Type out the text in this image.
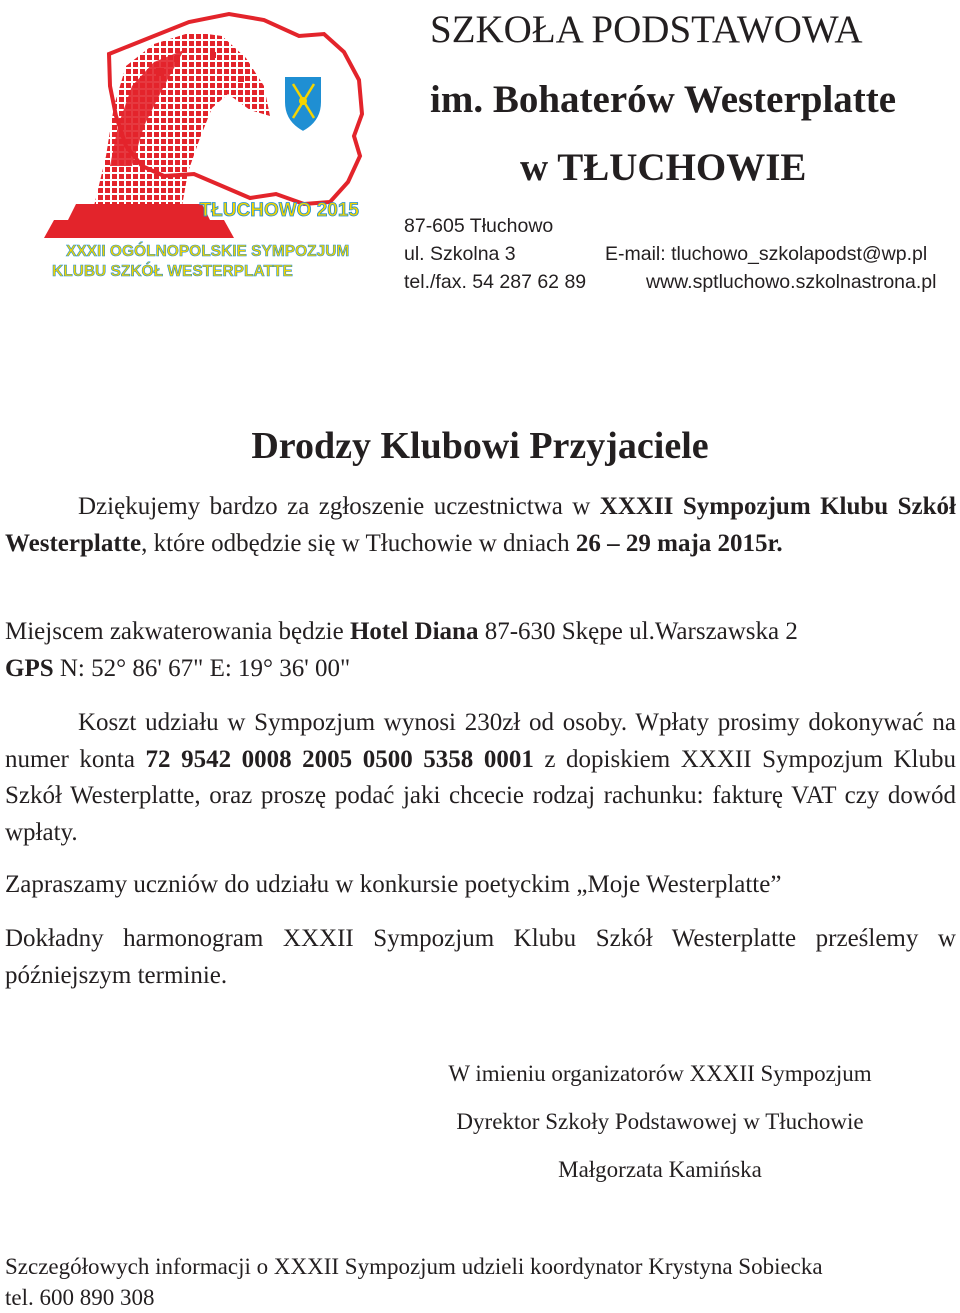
TŁUCHOWO 2015
XXXII OGÓLNOPOLSKIE SYMPOZJUM
KLUBU SZKÓŁ WESTERPLATTE
SZKOŁA PODSTAWOWA
im. Bohaterów Westerplatte
w TŁUCHOWIE
87-605 Tłuchowo
ul. Szkolna 3
tel./fax. 54 287 62 89
E-mail: tluchowo_szkolapodst@wp.pl
www.sptluchowo.szkolnastrona.pl
Drodzy Klubowi Przyjaciele
Dziękujemy bardzo za zgłoszenie uczestnictwa w XXXII Sympozjum Klubu Szkół Westerplatte, które odbędzie się w Tłuchowie w dniach 26 – 29 maja 2015r.
Miejscem zakwaterowania będzie Hotel Diana 87-630 Skępe ul.Warszawska 2
GPS N: 52° 86' 67" E: 19° 36' 00"
Koszt udziału w Sympozjum wynosi 230zł od osoby. Wpłaty prosimy dokonywać na numer konta 72 9542 0008 2005 0500 5358 0001 z dopiskiem XXXII Sympozjum Klubu Szkół Westerplatte, oraz proszę podać jaki chcecie rodzaj rachunku: fakturę VAT czy dowód wpłaty.
Zapraszamy uczniów do udziału w konkursie poetyckim „Moje Westerplatte”
Dokładny harmonogram XXXII Sympozjum Klubu Szkół Westerplatte prześlemy w późniejszym terminie.
W imieniu organizatorów XXXII Sympozjum
Dyrektor Szkoły Podstawowej w Tłuchowie
Małgorzata Kamińska
Szczegółowych informacji o XXXII Sympozjum udzieli koordynator Krystyna Sobiecka
tel. 600 890 308
